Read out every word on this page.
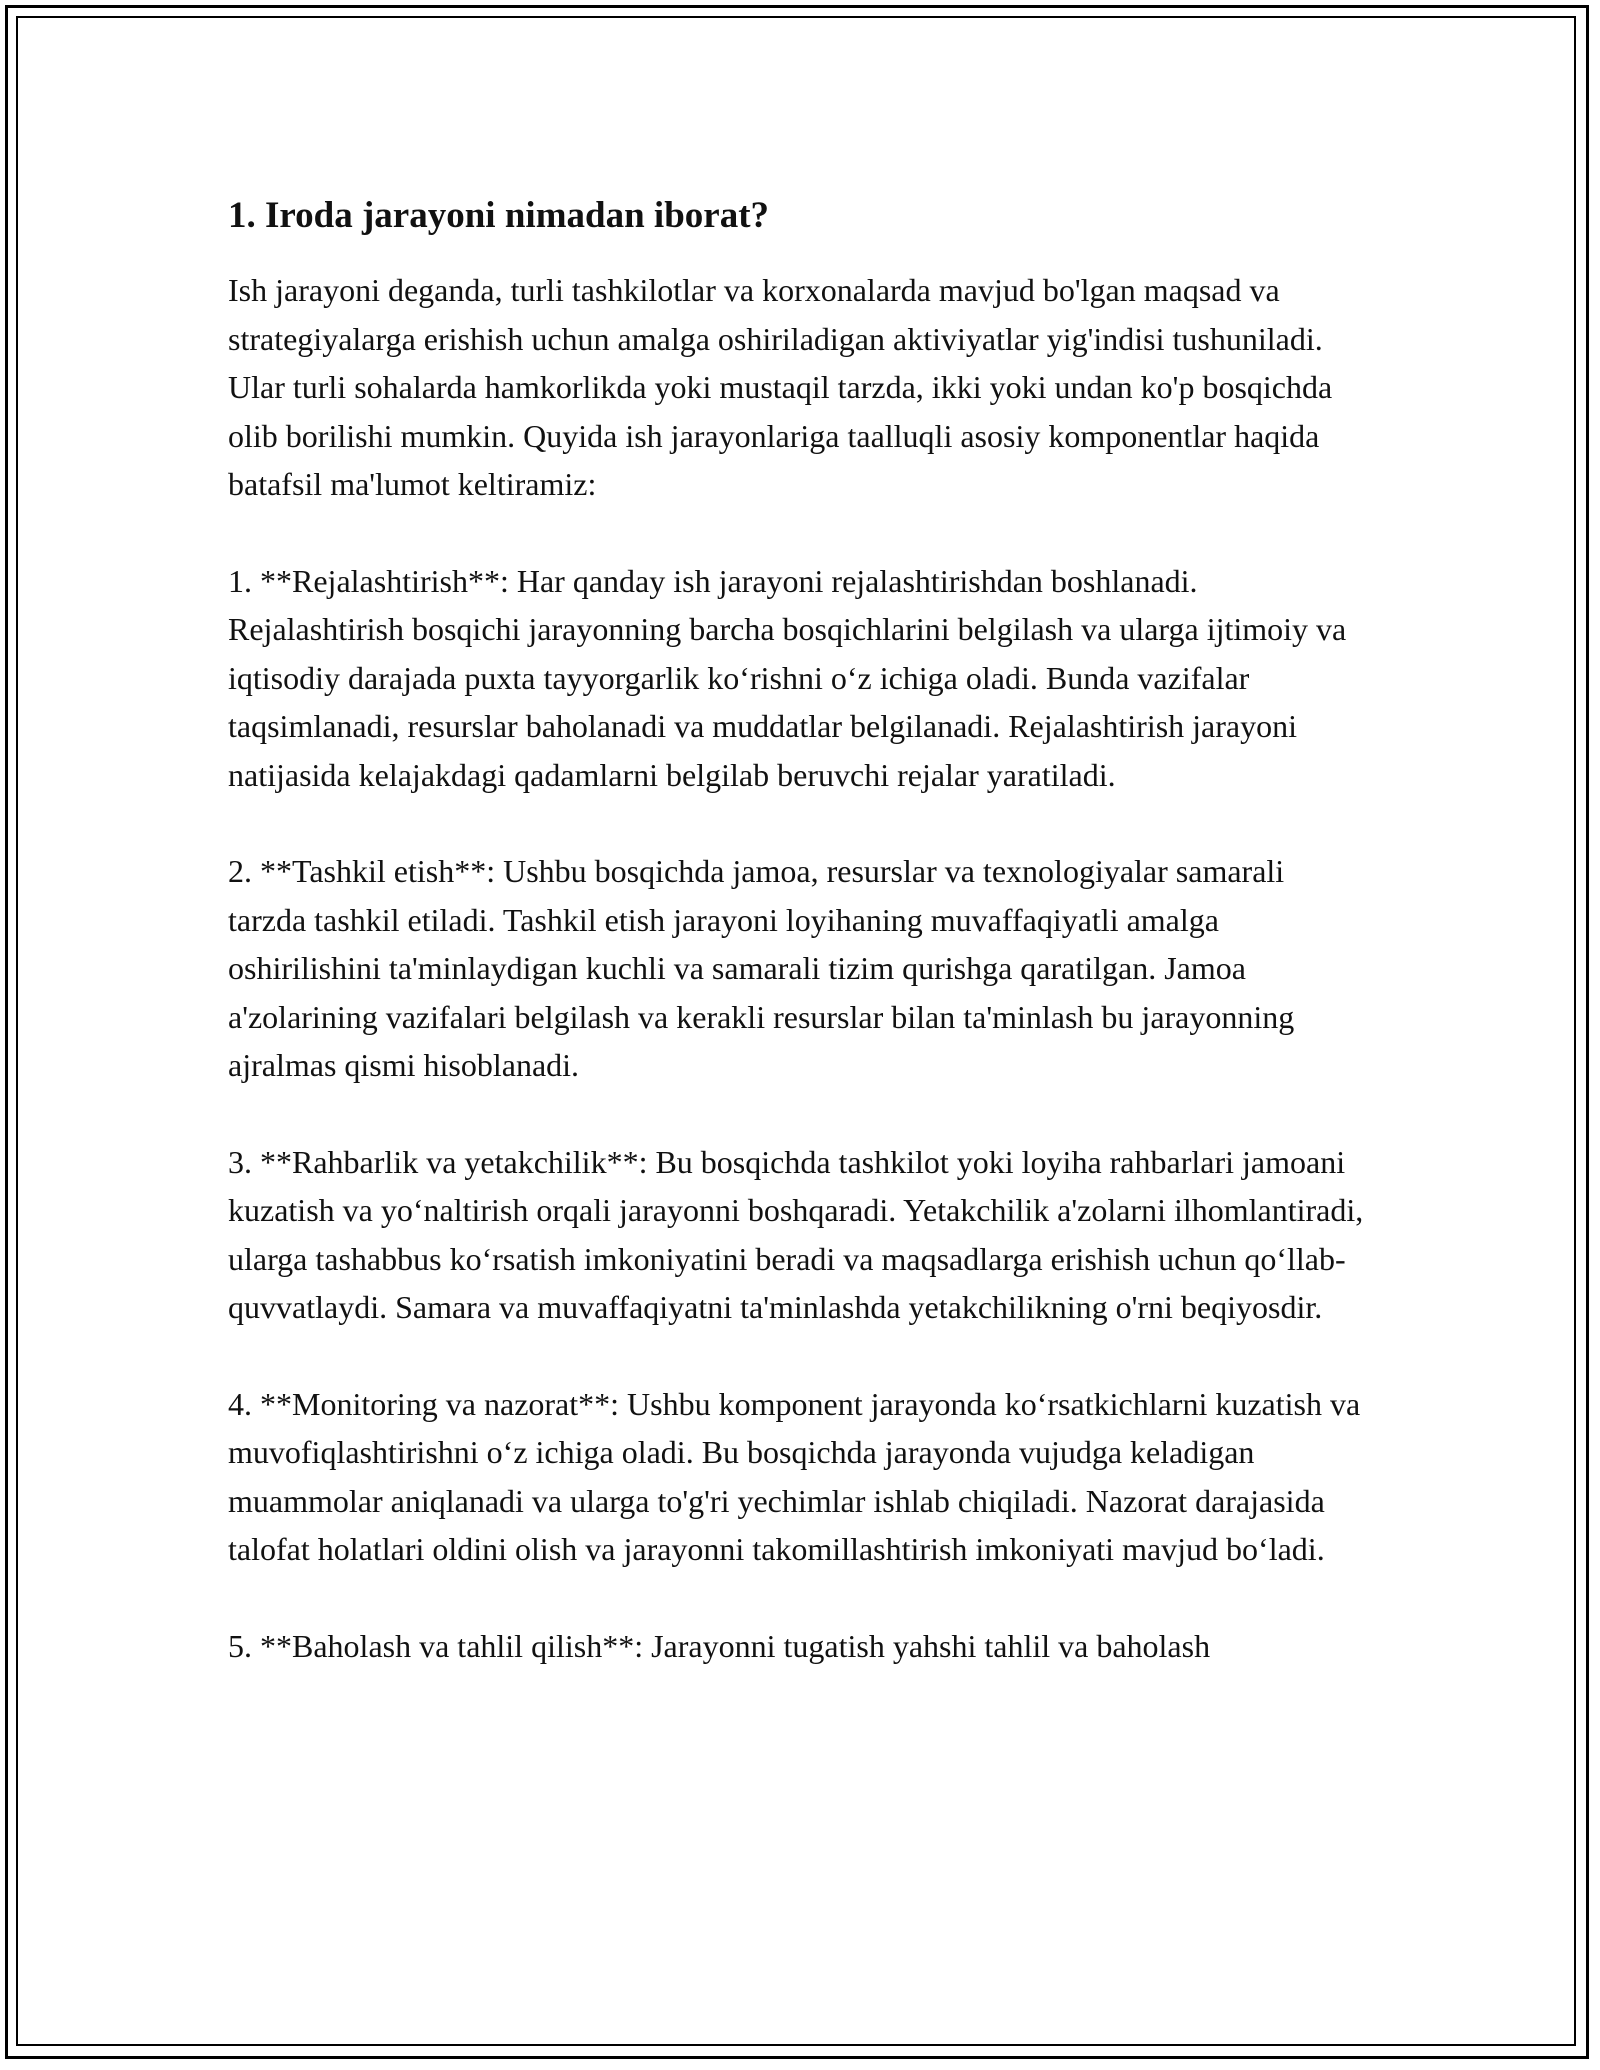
1. Iroda jarayoni nimadan iborat?

Ish jarayoni deganda, turli tashkilotlar va korxonalarda mavjud bo'lgan maqsad va strategiyalarga erishish uchun amalga oshiriladigan aktiviyatlar yig'indisi tushuniladi. Ular turli sohalarda hamkorlikda yoki mustaqil tarzda, ikki yoki undan ko'p bosqichda olib borilishi mumkin. Quyida ish jarayonlariga taalluqli asosiy komponentlar haqida batafsil ma'lumot keltiramiz:

1. **Rejalashtirish**: Har qanday ish jarayoni rejalashtirishdan boshlanadi. Rejalashtirish bosqichi jarayonning barcha bosqichlarini belgilash va ularga ijtimoiy va iqtisodiy darajada puxta tayyorgarlik ko‘rishni o‘z ichiga oladi. Bunda vazifalar taqsimlanadi, resurslar baholanadi va muddatlar belgilanadi. Rejalashtirish jarayoni natijasida kelajakdagi qadamlarni belgilab beruvchi rejalar yaratiladi.

2. **Tashkil etish**: Ushbu bosqichda jamoa, resurslar va texnologiyalar samarali tarzda tashkil etiladi. Tashkil etish jarayoni loyihaning muvaffaqiyatli amalga oshirilishini ta'minlaydigan kuchli va samarali tizim qurishga qaratilgan. Jamoa a'zolarining vazifalari belgilash va kerakli resurslar bilan ta'minlash bu jarayonning ajralmas qismi hisoblanadi.

3. **Rahbarlik va yetakchilik**: Bu bosqichda tashkilot yoki loyiha rahbarlari jamoani kuzatish va yo‘naltirish orqali jarayonni boshqaradi. Yetakchilik a'zolarni ilhomlantiradi, ularga tashabbus ko‘rsatish imkoniyatini beradi va maqsadlarga erishish uchun qo‘llab-quvvatlaydi. Samara va muvaffaqiyatni ta'minlashda yetakchilikning o'rni beqiyosdir.

4. **Monitoring va nazorat**: Ushbu komponent jarayonda ko‘rsatkichlarni kuzatish va muvofiqlashtirishni o‘z ichiga oladi. Bu bosqichda jarayonda vujudga keladigan muammolar aniqlanadi va ularga to'g'ri yechimlar ishlab chiqiladi. Nazorat darajasida talofat holatlari oldini olish va jarayonni takomillashtirish imkoniyati mavjud bo‘ladi.

5. **Baholash va tahlil qilish**: Jarayonni tugatish yahshi tahlil va baholash
